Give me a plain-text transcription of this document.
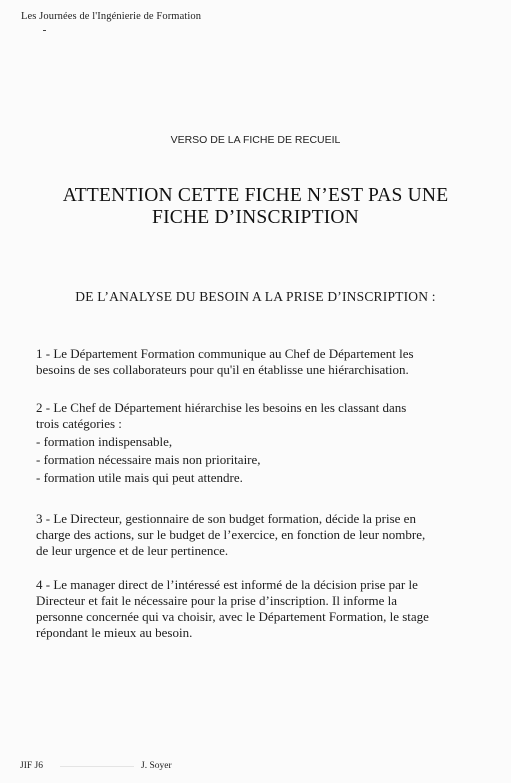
Les Journées de l'Ingénierie de Formation
VERSO DE LA FICHE DE RECUEIL
ATTENTION CETTE FICHE N’EST PAS UNE
FICHE D’INSCRIPTION
DE L’ANALYSE DU BESOIN A LA PRISE D’INSCRIPTION :
1 - Le Département Formation communique au Chef de Département les
besoins de ses collaborateurs pour qu'il en établisse une hiérarchisation.
2 - Le Chef de Département hiérarchise les besoins en les classant dans
trois catégories :
- formation indispensable,
- formation nécessaire mais non prioritaire,
- formation utile mais qui peut attendre.
3 - Le Directeur, gestionnaire de son budget formation, décide la prise en
charge des actions, sur le budget de l’exercice, en fonction de leur nombre,
de leur urgence et de leur pertinence.
4 - Le manager direct de l’intéressé est informé de la décision prise par le
Directeur et fait le nécessaire pour la prise d’inscription. Il informe la
personne concernée qui va choisir, avec le Département Formation, le stage
répondant le mieux au besoin.
JIF J6	J. Soyer
